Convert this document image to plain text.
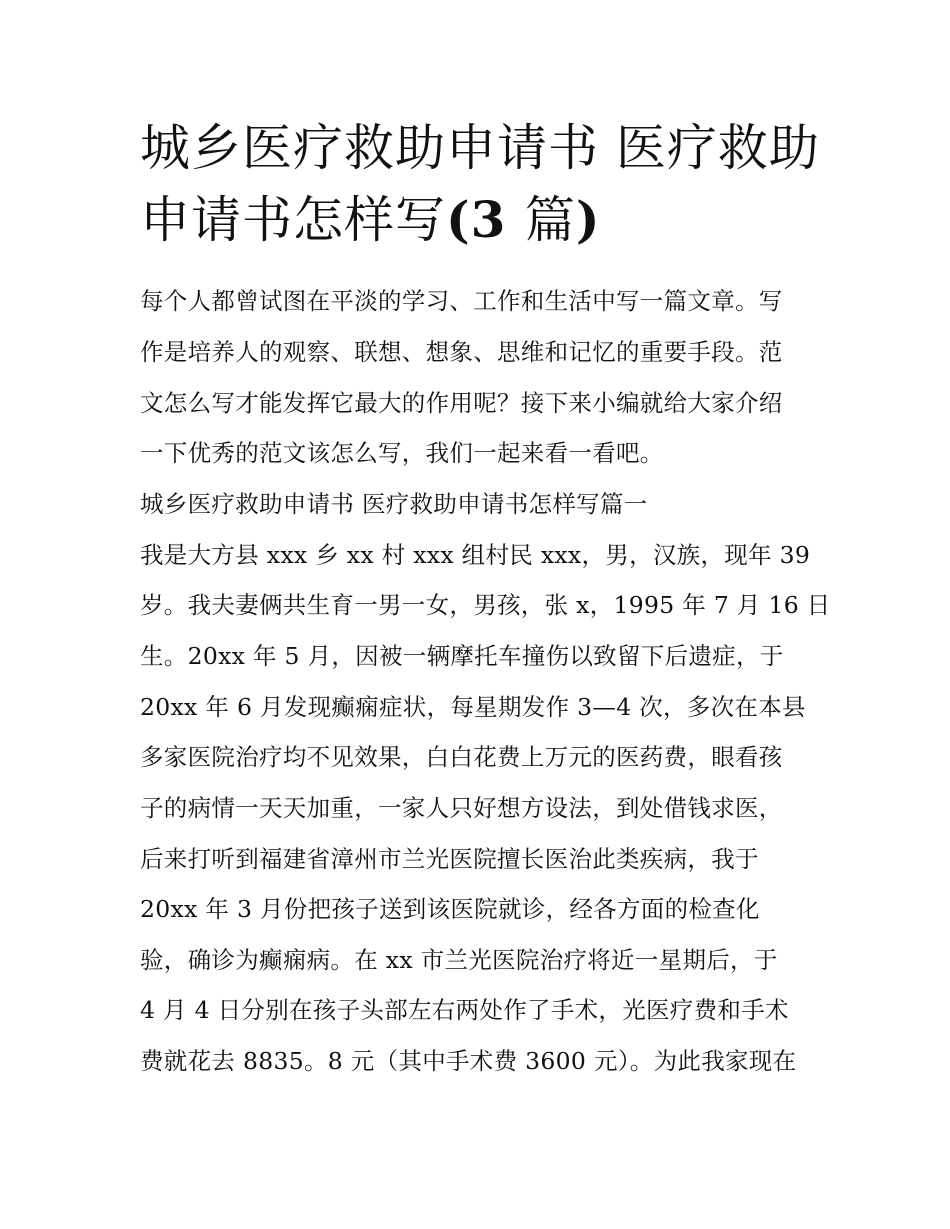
城乡医疗救助申请书 医疗救助
申请书怎样写(3 篇)
每个人都曾试图在平淡的学习、工作和生活中写一篇文章。写
作是培养人的观察、联想、想象、思维和记忆的重要手段。范
文怎么写才能发挥它最大的作用呢？接下来小编就给大家介绍
一下优秀的范文该怎么写，我们一起来看一看吧。
城乡医疗救助申请书 医疗救助申请书怎样写篇一
我是大方县 xxx 乡 xx 村 xxx 组村民 xxx，男，汉族，现年 39
岁。我夫妻俩共生育一男一女，男孩，张 x，1995 年 7 月 16 日
生。20xx 年 5 月，因被一辆摩托车撞伤以致留下后遗症，于
20xx 年 6 月发现癫痫症状，每星期发作 3—4 次，多次在本县
多家医院治疗均不见效果，白白花费上万元的医药费，眼看孩
子的病情一天天加重，一家人只好想方设法，到处借钱求医，
后来打听到福建省漳州市兰光医院擅长医治此类疾病，我于
20xx 年 3 月份把孩子送到该医院就诊，经各方面的检查化
验，确诊为癫痫病。在 xx 市兰光医院治疗将近一星期后，于
4 月 4 日分别在孩子头部左右两处作了手术，光医疗费和手术
费就花去 8835。8 元（其中手术费 3600 元）。为此我家现在
